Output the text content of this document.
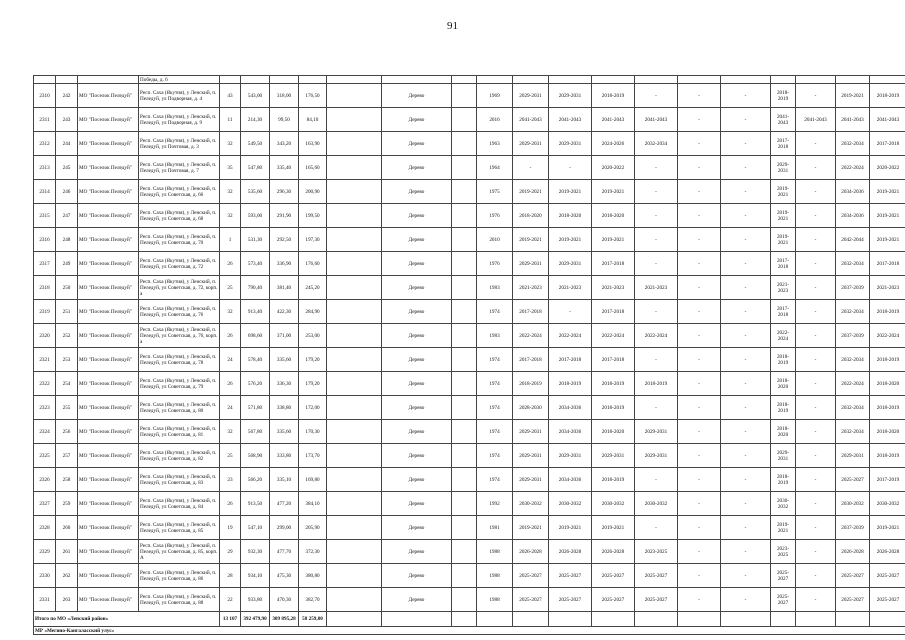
91
			Победы, д. 6																		
2310	242	МО "Поселок Пеледуй"	Респ. Саха (Якутия), у Ленский, п. Пеледуй, ул Подворная, д. 4	43	543,00	318,00	176,50		Дерево		1969	2029-2031	2029-2031	2018-2019	-	-	-	2018-2019	-	2019-2021	2018-2019
2311	243	МО "Поселок Пеледуй"	Респ. Саха (Якутия), у Ленский, п. Пеледуй, ул Подворная, д. 9	11	214,30	99,50	84,10		Дерево		2016	2041-2043	2041-2043	2041-2043	2041-2043	-	-	2041-2043	2041-2043	2041-2043	2041-2043
2312	244	МО "Поселок Пеледуй"	Респ. Саха (Якутия), у Ленский, п. Пеледуй, ул Почтовая, д. 3	32	549,50	343,20	163,90		Дерево		1963	2029-2031	2029-2031	2024-2026	2032-2034	-	-	2017-2018	-	2032-2034	2017-2018
2313	245	МО "Поселок Пеледуй"	Респ. Саха (Якутия), у Ленский, п. Пеледуй, ул Почтовая, д. 7	35	547,80	335,40	165,60		Дерево		1964	-	-	2020-2022	-	-	-	2029-2031	-	2022-2024	2020-2022
2314	246	МО "Поселок Пеледуй"	Респ. Саха (Якутия), у Ленский, п. Пеледуй, ул Советская, д. 66	32	535,60	296,30	200,90		Дерево		1975	2019-2021	2019-2021	2019-2021	-	-	-	2019-2021	-	2034-2036	2019-2021
2315	247	МО "Поселок Пеледуй"	Респ. Саха (Якутия), у Ленский, п. Пеледуй, ул Советская, д. 68	32	593,00	291,90	199,50		Дерево		1976	2018-2020	2018-2020	2018-2020	-	-	-	2019-2021	-	2034-2036	2019-2021
2316	248	МО "Поселок Пеледуй"	Респ. Саха (Якутия), у Ленский, п. Пеледуй, ул Советская, д. 70	1	531,30	292,50	197,30		Дерево		2010	2019-2021	2019-2021	2019-2021	-	-	-	2019-2021	-	2042-2044	2019-2021
2317	249	МО "Поселок Пеледуй"	Респ. Саха (Якутия), у Ленский, п. Пеледуй, ул Советская, д. 72	26	573,40	336,90	176,60		Дерево		1976	2029-2031	2029-2031	2017-2018	-	-	-	2017-2018	-	2032-2034	2017-2018
2318	250	МО "Поселок Пеледуй"	Респ. Саха (Якутия), у Ленский, п. Пеледуй, ул Советская, д. 72, корп. а	25	790,40	381,40	245,20		Дерево		1983	2021-2023	2021-2023	2021-2023	2021-2023	-	-	2021-2023	-	2037-2039	2021-2023
2319	251	МО "Поселок Пеледуй"	Респ. Саха (Якутия), у Ленский, п. Пеледуй, ул Советская, д. 76	32	913,40	422,30	284,90		Дерево		1974	2017-2018	-	2017-2018	-	-	-	2017-2018	-	2032-2034	2018-2019
2320	252	МО "Поселок Пеледуй"	Респ. Саха (Якутия), у Ленский, п. Пеледуй, ул Советская, д. 76, корп. а	26	698,60	371,00	253,00		Дерево		1983	2022-2024	2022-2024	2022-2024	2022-2024	-	-	2022-2024	-	2037-2039	2022-2024
2321	253	МО "Поселок Пеледуй"	Респ. Саха (Якутия), у Ленский, п. Пеледуй, ул Советская, д. 78	24	578,40	335,60	179,20		Дерево		1974	2017-2018	2017-2018	2017-2018	-	-	-	2018-2019	-	2032-2034	2018-2019
2322	254	МО "Поселок Пеледуй"	Респ. Саха (Якутия), у Ленский, п. Пеледуй, ул Советская, д. 79	26	576,20	336,30	179,20		Дерево		1974	2018-2019	2018-2019	2018-2019	2018-2019	-	-	2018-2020	-	2022-2024	2018-2020
2323	255	МО "Поселок Пеледуй"	Респ. Саха (Якутия), у Ленский, п. Пеледуй, ул Советская, д. 80	24	571,80	338,80	172,00		Дерево		1974	2028-2030	2034-2036	2018-2019	-	-	-	2018-2019	-	2032-2034	2018-2019
2324	256	МО "Поселок Пеледуй"	Респ. Саха (Якутия), у Ленский, п. Пеледуй, ул Советская, д. 81	32	567,80	335,60	170,30		Дерево		1974	2029-2031	2034-2036	2018-2020	2029-2031	-	-	2018-2020	-	2032-2034	2018-2020
2325	257	МО "Поселок Пеледуй"	Респ. Саха (Якутия), у Ленский, п. Пеледуй, ул Советская, д. 82	25	568,90	333,80	173,70		Дерево		1974	2029-2031	2029-2031	2029-2031	2029-2031	-	-	2029-2031	-	2029-2031	2018-2019
2326	258	МО "Поселок Пеледуй"	Респ. Саха (Якутия), у Ленский, п. Пеледуй, ул Советская, д. 83	23	566,20	335,10	169,80		Дерево		1974	2029-2031	2034-2036	2018-2019	-	-	-	2018-2019	-	2025-2027	2017-2019
2327	259	МО "Поселок Пеледуй"	Респ. Саха (Якутия), у Ленский, п. Пеледуй, ул Советская, д. 84	26	913,50	477,20	384,10		Дерево		1992	2030-2032	2030-2032	2030-2032	2030-2032	-	-	2030-2032	-	2030-2032	2030-2032
2328	260	МО "Поселок Пеледуй"	Респ. Саха (Якутия), у Ленский, п. Пеледуй, ул Советская, д. 85	19	547,10	299,00	205,90		Дерево		1981	2019-2021	2019-2021	2019-2021	-	-	-	2019-2021	-	2037-2039	2019-2021
2329	261	МО "Поселок Пеледуй"	Респ. Саха (Якутия), у Ленский, п. Пеледуй, ул Советская, д. 85, корп. А	29	932,30	477,70	372,30		Дерево		1988	2026-2028	2026-2028	2026-2028	2023-2025	-	-	2023-2025	-	2026-2028	2026-2028
2330	262	МО "Поселок Пеледуй"	Респ. Саха (Якутия), у Ленский, п. Пеледуй, ул Советская, д. 86	28	934,10	475,30	380,80		Дерево		1988	2025-2027	2025-2027	2025-2027	2025-2027	-	-	2025-2027	-	2025-2027	2025-2027
2331	263	МО "Поселок Пеледуй"	Респ. Саха (Якутия), у Ленский, п. Пеледуй, ул Советская, д. 88	22	933,80	470,30	382,70		Дерево		1988	2025-2027	2025-2027	2025-2027	2025-2027	-	-	2025-2027	-	2025-2027	2025-2027
Итого по МО «Ленский район»				13 107	392 479,90	309 895,28	58 259,00														
МР «Мегино-Кангаласский улус»																					
